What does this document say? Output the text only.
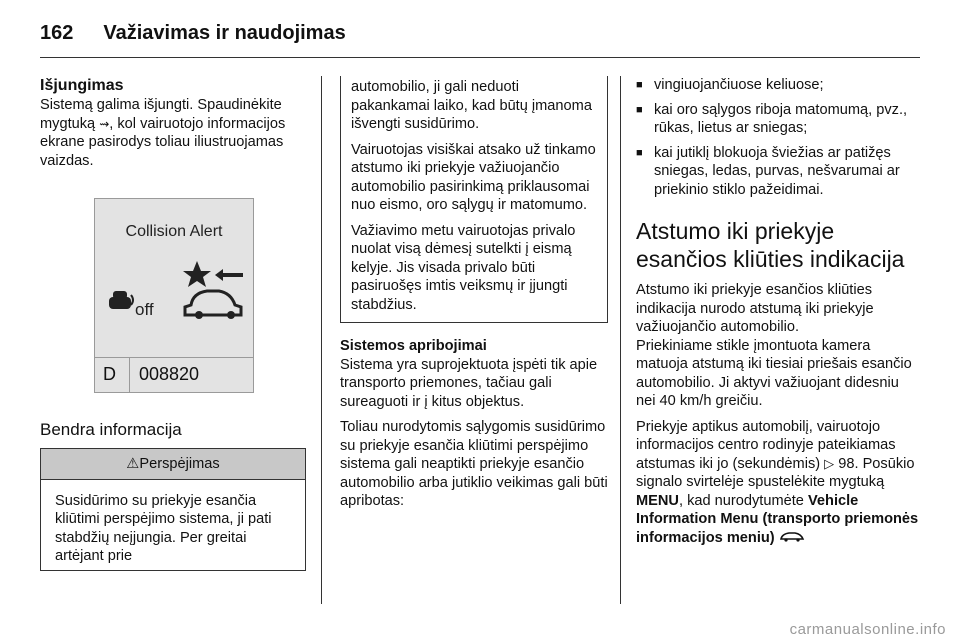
162 Važiavimas ir naudojimas
Išjungimas

Sistemą galima išjungti. Spaudinėkite mygtuką ⇝, kol vairuotojo informacijos ekrane pasirodys toliau iliustruojamas vaizdas.

Collision Alert
off
D 008820
Bendra informacija
⚠Perspėjimas
Susidūrimo su priekyje esančia kliūtimi perspėjimo sistema, ji pati stabdžių neįjungia. Per greitai artėjant prie

automobilio, ji gali neduoti pakankamai laiko, kad būtų įmanoma išvengti susidūrimo.

Vairuotojas visiškai atsako už tinkamo atstumo iki priekyje važiuojančio automobilio pasirinkimą priklausomai nuo eismo, oro sąlygų ir matomumo.

Važiavimo metu vairuotojas privalo nuolat visą dėmesį sutelkti į eismą kelyje. Jis visada privalo būti pasiruošęs imtis veiksmų ir įjungti stabdžius.

Sistemos apribojimai

Sistema yra suprojektuota įspėti tik apie transporto priemones, tačiau gali sureaguoti ir į kitus objektus.

Toliau nurodytomis sąlygomis susidūrimo su priekyje esančia kliūtimi perspėjimo sistema gali neaptikti priekyje esančio automobilio arba jutiklio veikimas gali būti apribotas:

■ vingiuojančiuose keliuose;
■ kai oro sąlygos riboja matomumą, pvz., rūkas, lietus ar sniegas;
■ kai jutiklį blokuoja šviežias ar patižęs sniegas, ledas, purvas, nešvarumai ar priekinio stiklo pažeidimai.
Atstumo iki priekyje esančios kliūties indikacija

Atstumo iki priekyje esančios kliūties indikacija nurodo atstumą iki priekyje važiuojančio automobilio.

Priekiniame stikle įmontuota kamera matuoja atstumą iki tiesiai priešais esančio automobilio. Ji aktyvi važiuojant didesniu nei 40 km/h greičiu.

Priekyje aptikus automobilį, vairuotojo informacijos centro rodinyje pateikiamas atstumas iki jo (sekundėmis) ▷ 98. Posūkio signalo svirtelėje spustelėkite mygtuką MENU, kad nurodytumėte Vehicle Information Menu (transporto priemonės informacijos meniu)

carmanualsonline.info
